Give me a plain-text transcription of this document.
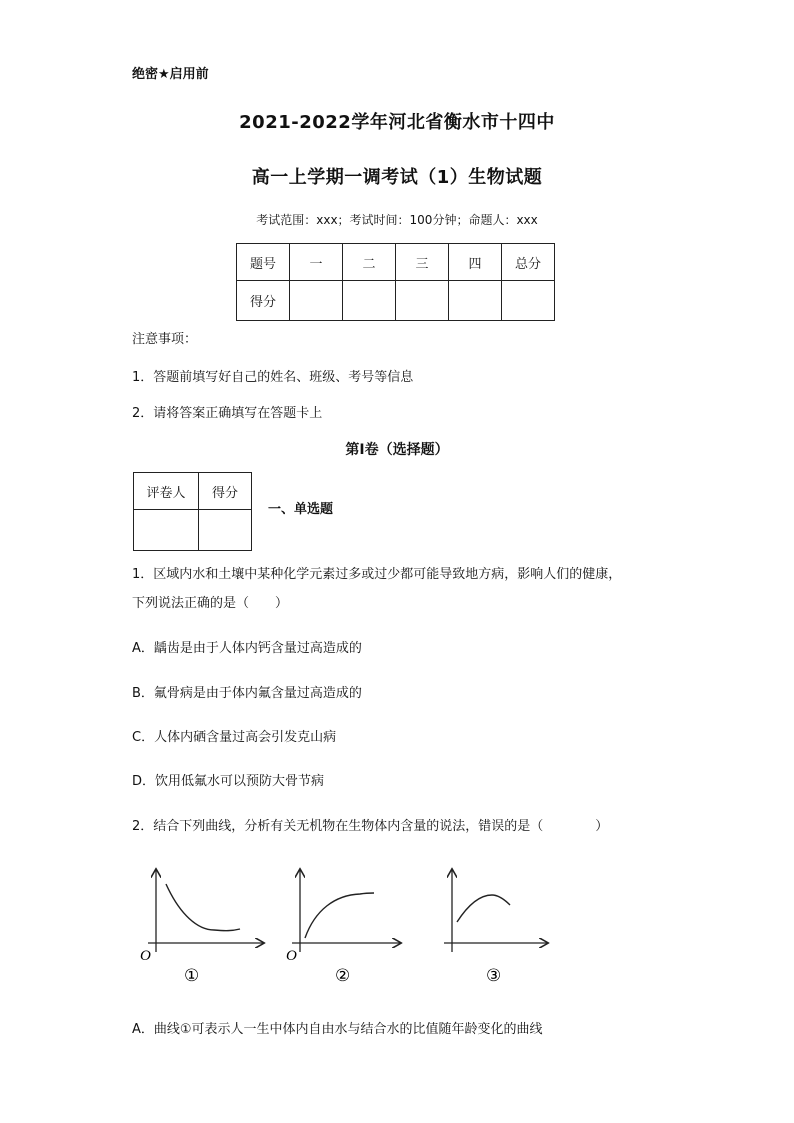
绝密★启用前
2021-2022学年河北省衡水市十四中
高一上学期一调考试（1）生物试题
考试范围：xxx；考试时间：100分钟；命题人：xxx
题号	一	二	三	四	总分
得分					
注意事项：
1．答题前填写好自己的姓名、班级、考号等信息
2．请将答案正确填写在答题卡上
第I卷（选择题）
评卷人	得分

一、单选题
1．区域内水和土壤中某种化学元素过多或过少都可能导致地方病，影响人们的健康，
下列说法正确的是（　　）
A．龋齿是由于人体内钙含量过高造成的
B．氟骨病是由于体内氟含量过高造成的
C．人体内硒含量过高会引发克山病
D．饮用低氟水可以预防大骨节病
2．结合下列曲线，分析有关无机物在生物体内含量的说法，错误的是（　　　　）
O
①
O
②	③
A．曲线①可表示人一生中体内自由水与结合水的比值随年龄变化的曲线
